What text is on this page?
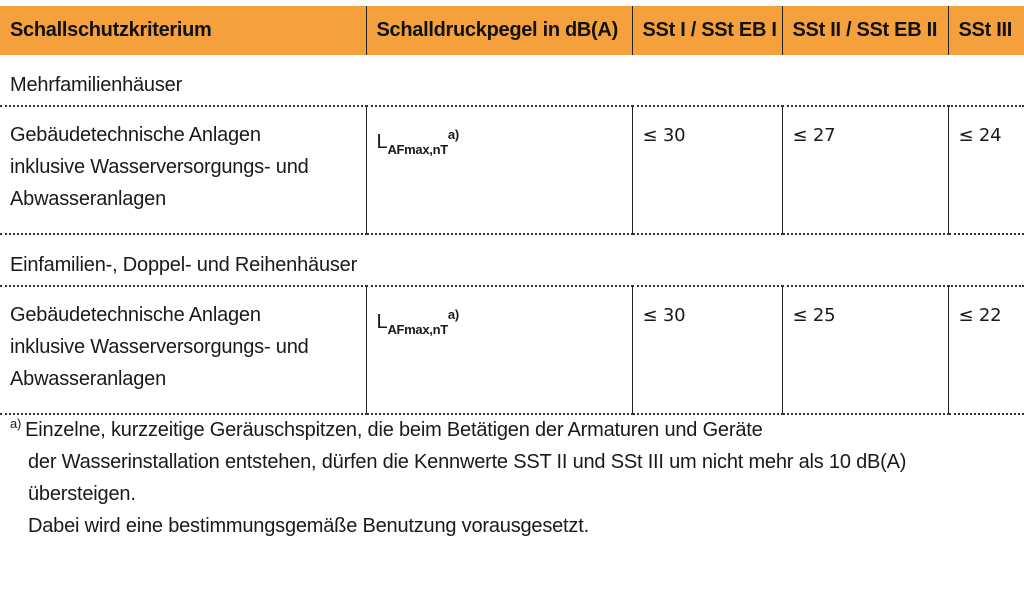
Schallschutzkriterium	Schalldruckpegel in dB(A)	SSt I / SSt EB I	SSt II / SSt EB II	SSt III
Mehrfamilienhäuser				
Gebäudetechnische Anlagen
inklusive Wasserversorgungs- und
Abwasseranlagen	$L_{AFmax,nT}^{a)}$	≤ 30	≤ 27	≤ 24
Einfamilien-, Doppel- und Reihenhäuser				
Gebäudetechnische Anlagen
inklusive Wasserversorgungs- und
Abwasseranlagen	$L_{AFmax,nT}^{a)}$	≤ 30	≤ 25	≤ 22
$^{a)}$ Einzelne, kurzzeitige Geräuschspitzen, die beim Betätigen der Armaturen und Geräte
der Wasserinstallation entstehen, dürfen die Kennwerte SST II und SSt III um nicht mehr als 10 dB(A) übersteigen.
Dabei wird eine bestimmungsgemäße Benutzung vorausgesetzt.
